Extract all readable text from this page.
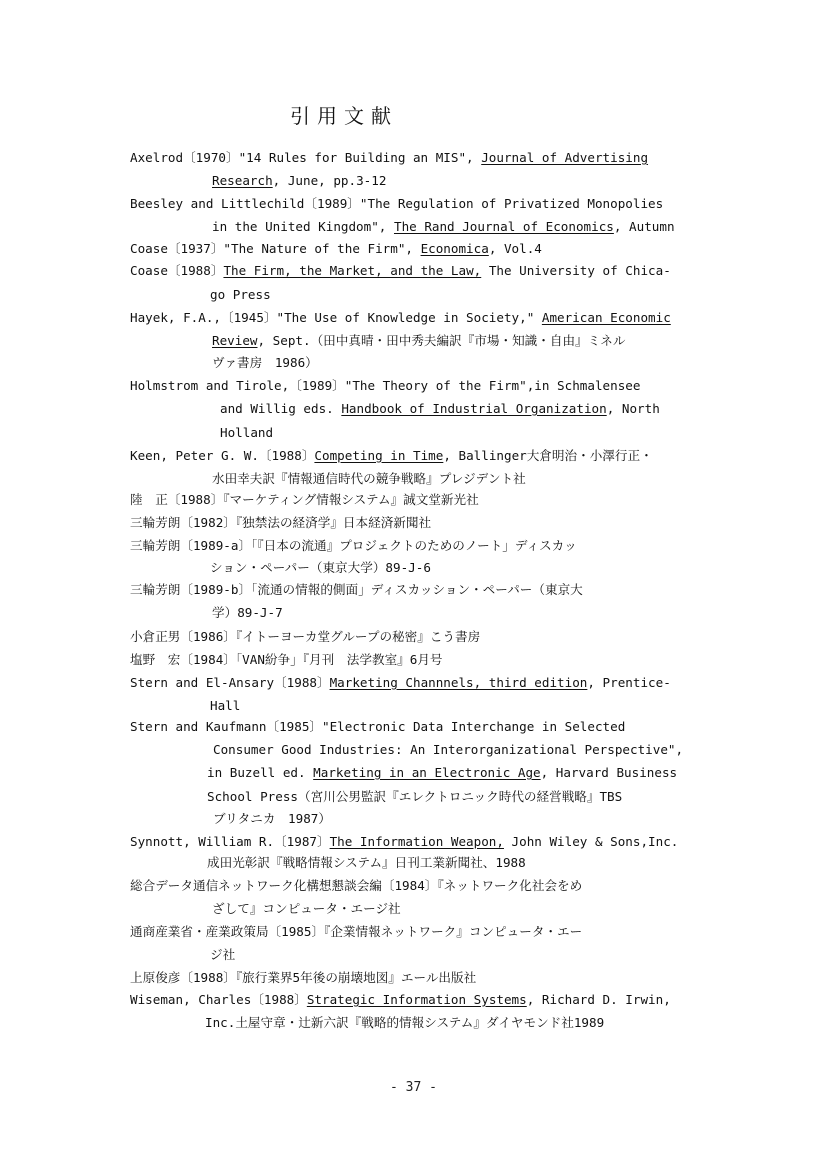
引用文献
Axelrod〔1970〕"14 Rules for Building an MIS", Journal of Advertising
Research, June, pp.3-12
Beesley and Littlechild〔1989〕"The Regulation of Privatized Monopolies
in the United Kingdom", The Rand Journal of Economics, Autumn
Coase〔1937〕"The Nature of the Firm", Economica, Vol.4
Coase〔1988〕The Firm, the Market, and the Law, The University of Chica-
go Press
Hayek, F.A.,〔1945〕"The Use of Knowledge in Society," American Economic
Review, Sept.（田中真晴・田中秀夫編訳『市場・知識・自由』ミネル
ヴァ書房　1986）
Holmstrom and Tirole,〔1989〕"The Theory of the Firm",in Schmalensee
and Willig eds. Handbook of Industrial Organization, North
Holland
Keen, Peter G. W.〔1988〕Competing in Time, Ballinger大倉明治・小澤行正・
水田幸夫訳『情報通信時代の競争戦略』プレジデント社
陸　正〔1988〕『マーケティング情報システム』誠文堂新光社
三輪芳朗〔1982〕『独禁法の経済学』日本経済新聞社
三輪芳朗〔1989-a〕「『日本の流通』プロジェクトのためのノート」ディスカッ
ション・ペーパー（東京大学）89-J-6
三輪芳朗〔1989-b〕「流通の情報的側面」ディスカッション・ペーパー（東京大
学）89-J-7
小倉正男〔1986〕『イトーヨーカ堂グループの秘密』こう書房
塩野　宏〔1984〕「VAN紛争」『月刊　法学教室』6月号
Stern and El-Ansary〔1988〕Marketing Channnels, third edition, Prentice-
Hall
Stern and Kaufmann〔1985〕"Electronic Data Interchange in Selected
Consumer Good Industries: An Interorganizational Perspective",
in Buzell ed. Marketing in an Electronic Age, Harvard Business
School Press（宮川公男監訳『エレクトロニック時代の経営戦略』TBS
ブリタニカ　1987）
Synnott, William R.〔1987〕The Information Weapon, John Wiley & Sons,Inc.
成田光彰訳『戦略情報システム』日刊工業新聞社、1988
総合データ通信ネットワーク化構想懇談会編〔1984〕『ネットワーク化社会をめ
ざして』コンピュータ・エージ社
通商産業省・産業政策局〔1985〕『企業情報ネットワーク』コンピュータ・エー
ジ社
上原俊彦〔1988〕『旅行業界5年後の崩壊地図』エール出版社
Wiseman, Charles〔1988〕Strategic Information Systems, Richard D. Irwin,
Inc.土屋守章・辻新六訳『戦略的情報システム』ダイヤモンド社1989
- 37 -
